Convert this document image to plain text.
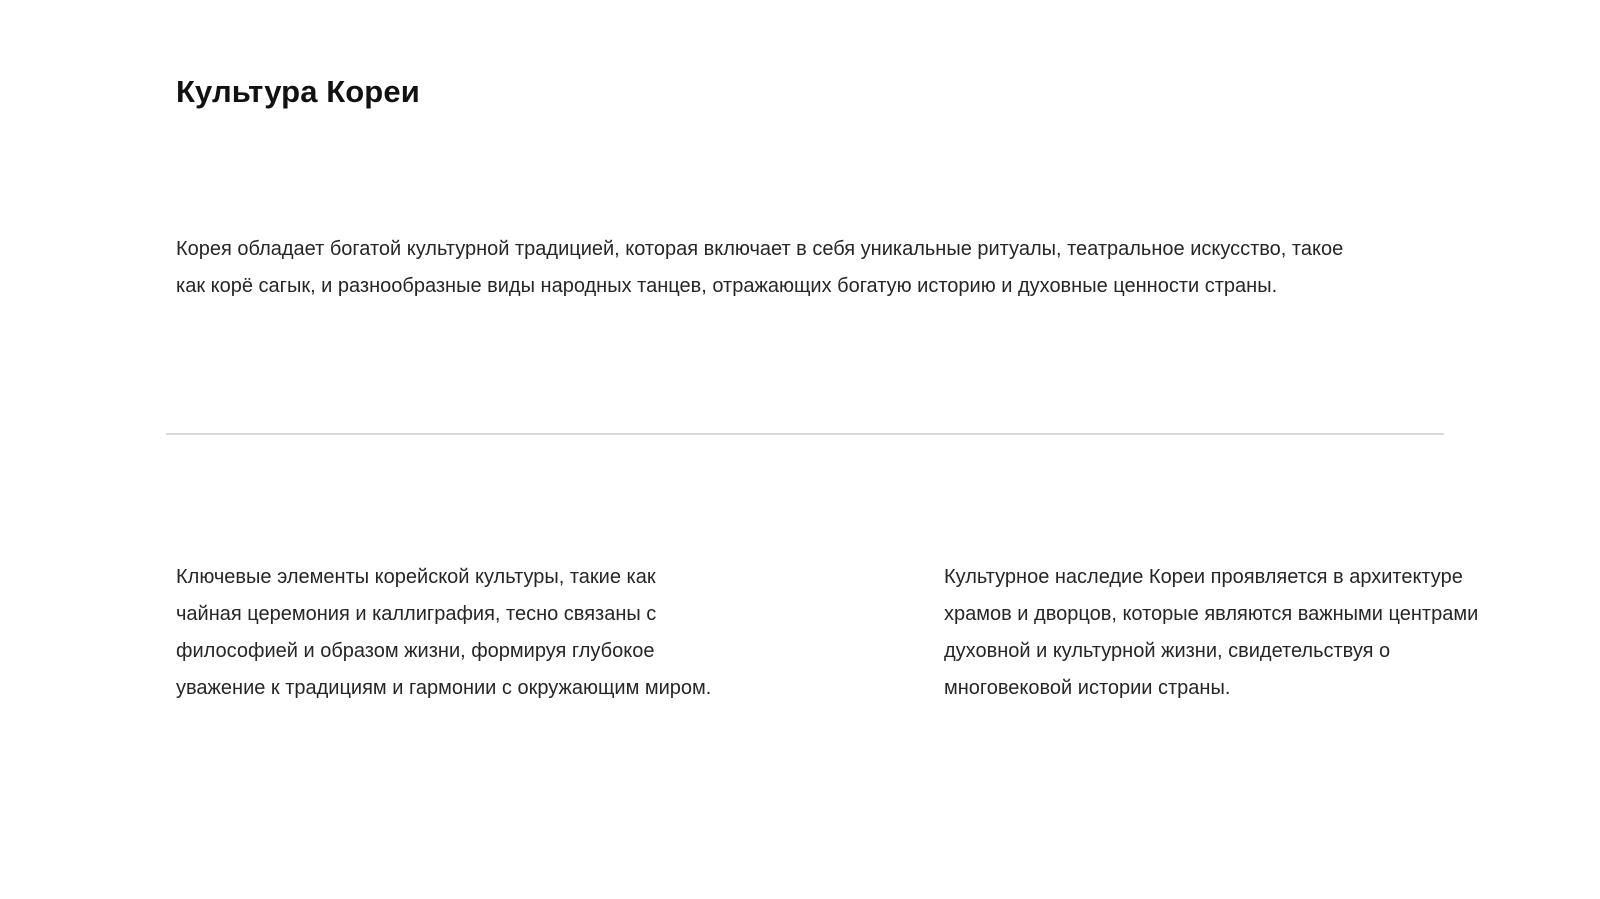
Культура Кореи

Корея обладает богатой культурной традицией, которая включает в себя уникальные ритуалы, театральное искусство, такое как корё сагык, и разнообразные виды народных танцев, отражающих богатую историю и духовные ценности страны.

Ключевые элементы корейской культуры, такие как чайная церемония и каллиграфия, тесно связаны с философией и образом жизни, формируя глубокое уважение к традициям и гармонии с окружающим миром.

Культурное наследие Кореи проявляется в архитектуре храмов и дворцов, которые являются важными центрами духовной и культурной жизни, свидетельствуя о многовековой истории страны.
